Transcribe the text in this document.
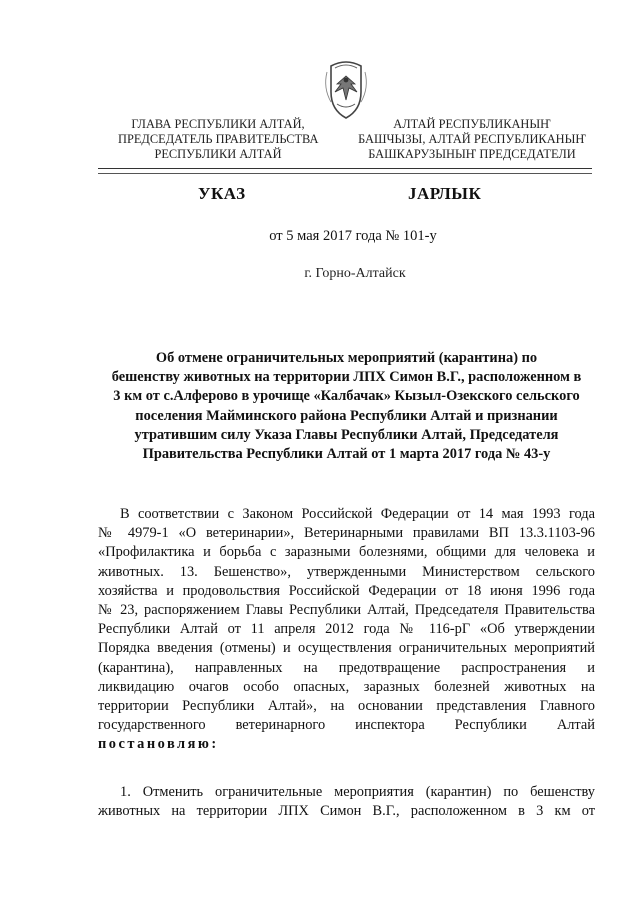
ГЛАВА РЕСПУБЛИКИ АЛТАЙ,
ПРЕДСЕДАТЕЛЬ ПРАВИТЕЛЬСТВА
РЕСПУБЛИКИ АЛТАЙ
АЛТАЙ РЕСПУБЛИКАНЫҤ
БАШЧЫЗЫ, АЛТАЙ РЕСПУБЛИКАНЫҤ
БАШКАРУЗЫНЫҤ ПРЕДСЕДАТЕЛИ
УКАЗ	JАРЛЫК
от 5 мая 2017 года № 101-у
г. Горно-Алтайск
Об отмене ограничительных мероприятий (карантина) по
бешенству животных на территории ЛПХ Симон В.Г., расположенном в
3 км от с.Алферово в урочище «Калбачак» Кызыл-Озекского сельского
поселения Майминского района Республики Алтай и признании
утратившим силу Указа Главы Республики Алтай, Председателя
Правительства Республики Алтай от 1 марта 2017 года № 43-у
В соответствии с Законом Российской Федерации от 14 мая 1993 года
№ 4979-1 «О ветеринарии», Ветеринарными правилами ВП 13.3.1103-96
«Профилактика и борьба с заразными болезнями, общими для человека и
животных. 13. Бешенство», утвержденными Министерством сельского
хозяйства и продовольствия Российской Федерации от 18 июня 1996 года
№ 23, распоряжением Главы Республики Алтай, Председателя Правительства
Республики Алтай от 11 апреля 2012 года № 116-рГ «Об утверждении
Порядка введения (отмены) и осуществления ограничительных мероприятий
(карантина), направленных на предотвращение распространения и
ликвидацию очагов особо опасных, заразных болезней животных на
территории Республики Алтай», на основании представления Главного
государственного ветеринарного инспектора Республики Алтай
постановляю:
1. Отменить ограничительные мероприятия (карантин) по бешенству
животных на территории ЛПХ Симон В.Г., расположенном в 3 км от
